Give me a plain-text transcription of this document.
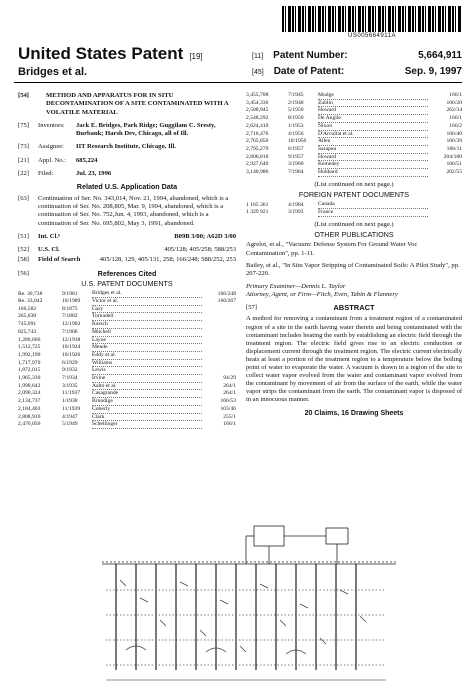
US005664911A
United States Patent [19]
Bridges et al.
[11] Patent Number:	5,664,911
[45] Date of Patent:	Sep. 9, 1997
[54]	METHOD AND APPARATUS FOR IN SITU DECONTAMINATION OF A SITE CONTAMINATED WITH A VOLATILE MATERIAL
[75] Inventors: Jack E. Bridges, Park Ridge; Guggilam C. Sresty, Burbank; Harsh Dev, Chicago, all of Ill.
[73] Assignee: IIT Research Institute, Chicago, Ill.
[21] Appl. No.: 685,224
[22] Filed:	Jul. 23, 1996
Related U.S. Application Data
[63] Continuation of Ser. No. 343,014, Nov. 21, 1994, abandoned, which is a continuation of Ser. No. 208,805, Mar. 9, 1994, abandoned, which is a continuation of Ser. No. 752,Jun. 4, 1993, abandoned, which is a continuation of Ser. No. 695,802, May 3, 1991, abandoned.
[51] Int. Cl.⁶	B09B 3/00; A62D 3/00
[52] U.S. Cl.	405/128; 405/258; 588/253
[58] Field of Search	405/128, 129, 405/131, 258; 166/248; 588/252, 253
[56]	References Cited
U.S. PATENT DOCUMENTS
Re. 30,738	9/1981	Bridges et al.	166/248
Re. 33,042	10/1989	Victor et al.	166/267
166,582	8/1875	Gary	
265,030	7/1882	Tornadell	
745,091	12/1903	Karsch	
825,743	7/1906	Mitchell	
1,286,666	12/1918	Layne	
1,512,725	10/1924	Mende	
1,992,190	10/1926	Eddy et al.	
1,717,970	6/1929	Williams	
1,872,015	9/1932	Lewis	
1,965,330	7/1934	Irvine	94/29
1,990,642	3/1935	Aalto et al.	264/1
2,090,324	11/1937	Casagrande	264/1
2,134,737	1/1938	Brundige	166/53
2,184,403	11/1939	Coberly	103/46
2,808,916	4/1947	Clark	255/1
2,470,056	5/1949	Schellinger	166/1
3,455,708	7/1945	Mudge	166/1
3,454,336	2/1948	Zublin	166/20
2,508,945	5/1950	Howard	262/34
2,548,292	8/1950	De Angile	166/1
2,624,410	1/1953	Nixon	166/2
2,710,476	4/1956	D'Arcullat et al.	166/40
2,765,850	10/1956	Allen	166/39
2,795,279	6/1957	Sarapuu	166/11
2,806,818	9/1957	Howard	204/180
2,927,640	3/1960	Kemedey	166/51
3,140,986	7/1964	Hubbard	202/55
(List continued on next page.)
FOREIGN PATENT DOCUMENTS
1 165 361	4/1984	Canada	
1 329 921	3/1993	France	
(List continued on next page.)
OTHER PUBLICATIONS

Agrelot, et al., "Vacuum: Defense System For Ground Water Voc Contamination", pp. 1-11.

Bailey, et al., "In Situ Vapor Stripping of Contaminated Soils: A Pilot Study", pp. 207-220.

Primary Examiner—Dennis L. Taylor
Attorney, Agent, or Firm—Fitch, Even, Tabin & Flannery
[57]	ABSTRACT
A method for removing a contaminant from a treatment region of a contaminated region of a site in the earth having water therein and being contaminated with the contaminant includes heating the earth by establishing an electric field through the treatment region. The electric field gives rise to an electric conduction or displacement current through the treatment region. The electric current electrically heats at least a portion of the treatment region to a temperature below the boiling point of water to evaporate the water. A vacuum is drawn in a region of the site to collect water vapor evolved from the water and contaminant vapor evolved from the contaminant by movement of air from the surface of the earth, while the water vapor strips the contaminant from the earth. The contaminant vapor is disposed of in an innocuous manner.
20 Claims, 16 Drawing Sheets
